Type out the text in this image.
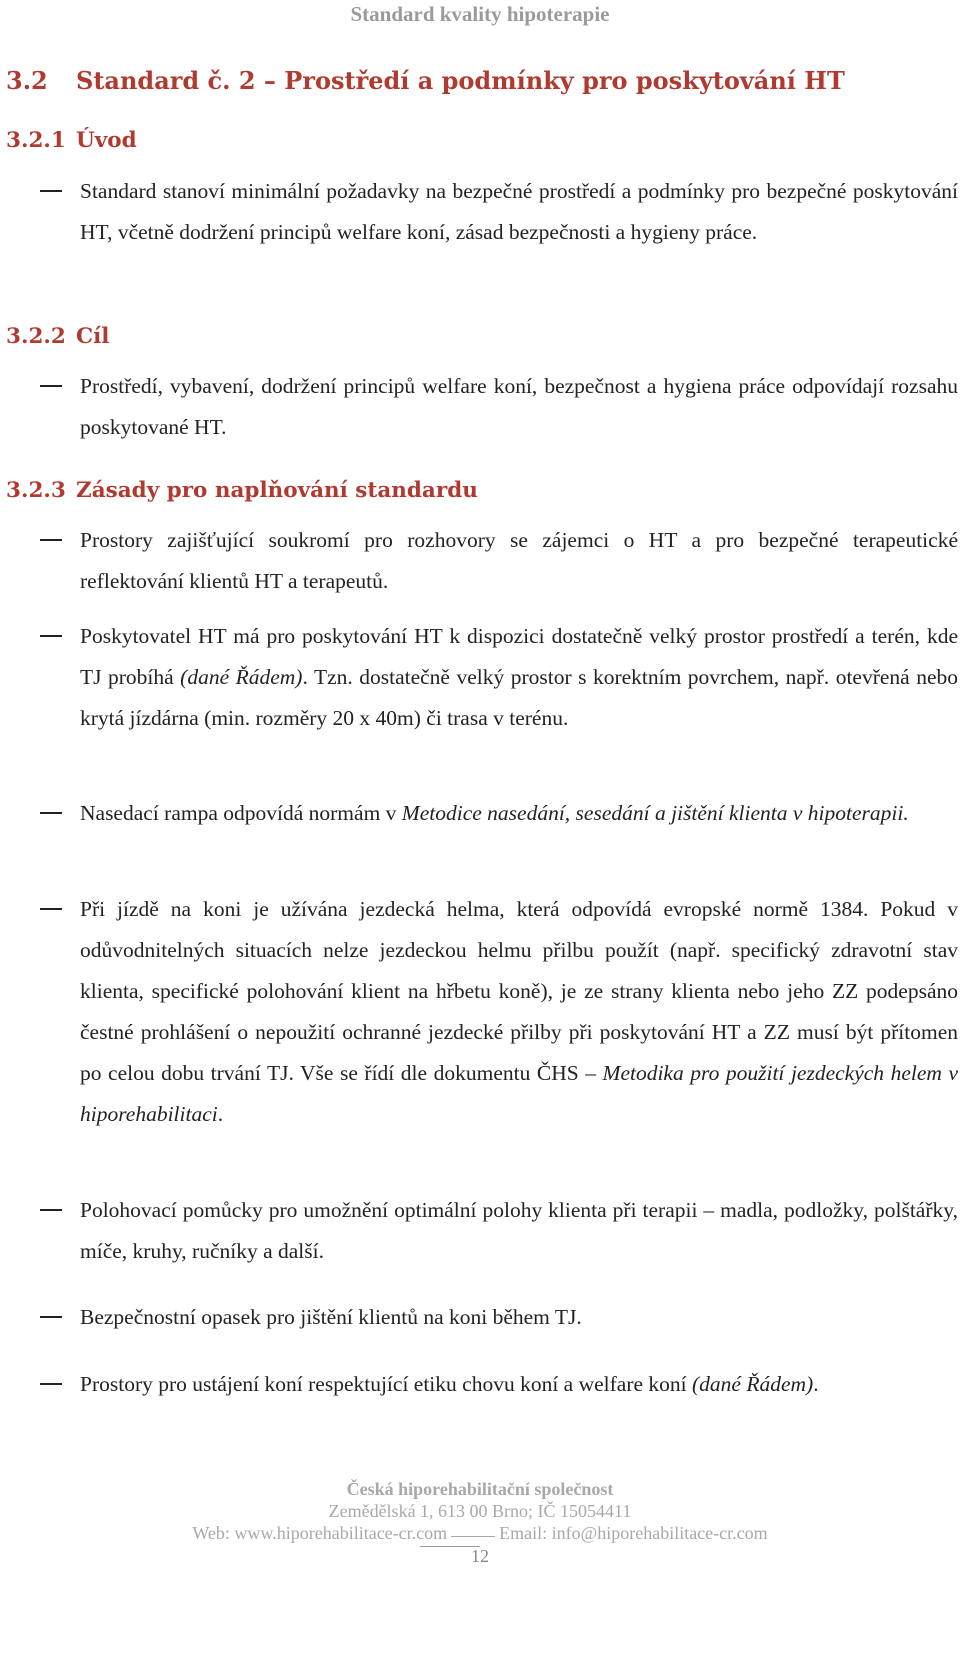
Standard kvality hipoterapie
3.2 Standard č. 2 – Prostředí a podmínky pro poskytování HT
3.2.1 Úvod
Standard stanoví minimální požadavky na bezpečné prostředí a podmínky pro bezpečné poskytování HT, včetně dodržení principů welfare koní, zásad bezpečnosti a hygieny práce.
3.2.2 Cíl
Prostředí, vybavení, dodržení principů welfare koní, bezpečnost a hygiena práce odpovídají rozsahu poskytované HT.
3.2.3 Zásady pro naplňování standardu
Prostory zajišťující soukromí pro rozhovory se zájemci o HT a pro bezpečné terapeutické reflektování klientů HT a terapeutů.
Poskytovatel HT má pro poskytování HT k dispozici dostatečně velký prostor prostředí a terén, kde TJ probíhá (dané Řádem). Tzn. dostatečně velký prostor s korektním povrchem, např. otevřená nebo krytá jízdárna (min. rozměry 20 x 40m) či trasa v terénu.
Nasedací rampa odpovídá normám v Metodice nasedání, sesedání a jištění klienta v hipoterapii.
Při jízdě na koni je užívána jezdecká helma, která odpovídá evropské normě 1384. Pokud v odůvodnitelných situacích nelze jezdeckou helmu přilbu použít (např. specifický zdravotní stav klienta, specifické polohování klient na hřbetu koně), je ze strany klienta nebo jeho ZZ podepsáno čestné prohlášení o nepoužití ochranné jezdecké přilby při poskytování HT a ZZ musí být přítomen po celou dobu trvání TJ. Vše se řídí dle dokumentu ČHS – Metodika pro použití jezdeckých helem v hiporehabilitaci.
Polohovací pomůcky pro umožnění optimální polohy klienta při terapii – madla, podložky, polštářky, míče, kruhy, ručníky a další.
Bezpečnostní opasek pro jištění klientů na koni během TJ.
Prostory pro ustájení koní respektující etiku chovu koní a welfare koní (dané Řádem).
Česká hiporehabilitační společnost
Zemědělská 1, 613 00 Brno; IČ 15054411
Web: www.hiporehabilitace-cr.com	Email: info@hiporehabilitace-cr.com
12
